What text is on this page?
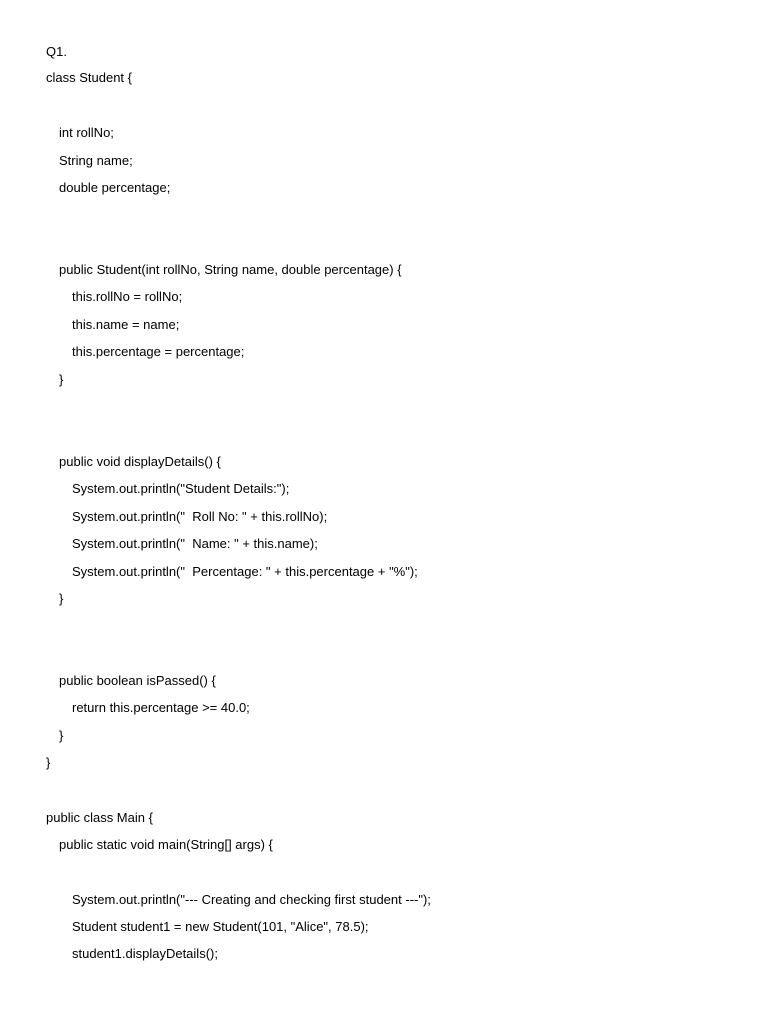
Q1.
class Student {
int rollNo;
String name;
double percentage;
public Student(int rollNo, String name, double percentage) {
this.rollNo = rollNo;
this.name = name;
this.percentage = percentage;
}
public void displayDetails() {
System.out.println("Student Details:");
System.out.println("  Roll No: " + this.rollNo);
System.out.println("  Name: " + this.name);
System.out.println("  Percentage: " + this.percentage + "%");
}
public boolean isPassed() {
return this.percentage >= 40.0;
}
}
public class Main {
public static void main(String[] args) {
System.out.println("--- Creating and checking first student ---");
Student student1 = new Student(101, "Alice", 78.5);
student1.displayDetails();
